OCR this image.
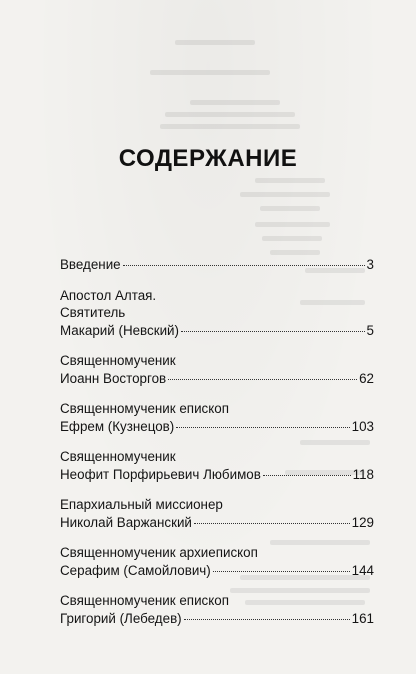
СОДЕРЖАНИЕ
Введение	3
Апостол Алтая.
Святитель
Макарий (Невский)	5
Священномученик
Иоанн Восторгов	62
Священномученик епископ
Ефрем (Кузнецов)	103
Священномученик
Неофит Порфирьевич Любимов	118
Епархиальный миссионер
Николай Варжанский	129
Священномученик архиепископ
Серафим (Самойлович)	144
Священномученик епископ
Григорий (Лебедев)	161
